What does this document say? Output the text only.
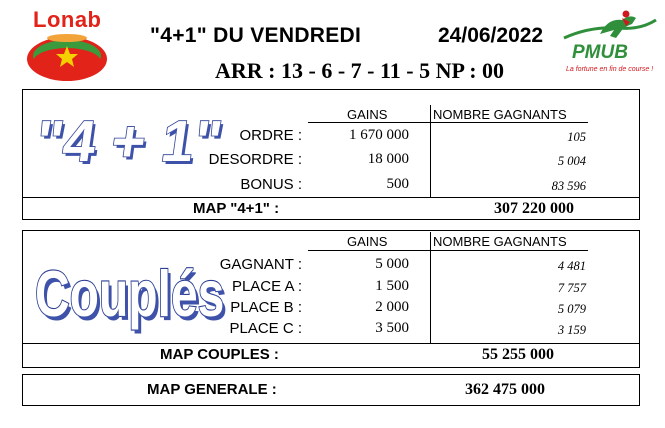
Lonab
"4+1" DU VENDREDI	24/06/2022
ARR : 13 - 6 - 7 - 11 - 5 NP : 00
PMUB
La fortune en fin de course !
"4 + 1"	GAINS	NOMBRE GAGNANTS
ORDRE :	1 670 000	105
DESORDRE :	18 000	5 004
BONUS :	500	83 596
MAP "4+1" :	307 220 000
Couplés
GAINS	NOMBRE GAGNANTS
GAGNANT :	5 000	4 481
PLACE A :	1 500	7 757
PLACE B :	2 000	5 079
PLACE C :	3 500	3 159
MAP COUPLES :	55 255 000
MAP GENERALE :	362 475 000
